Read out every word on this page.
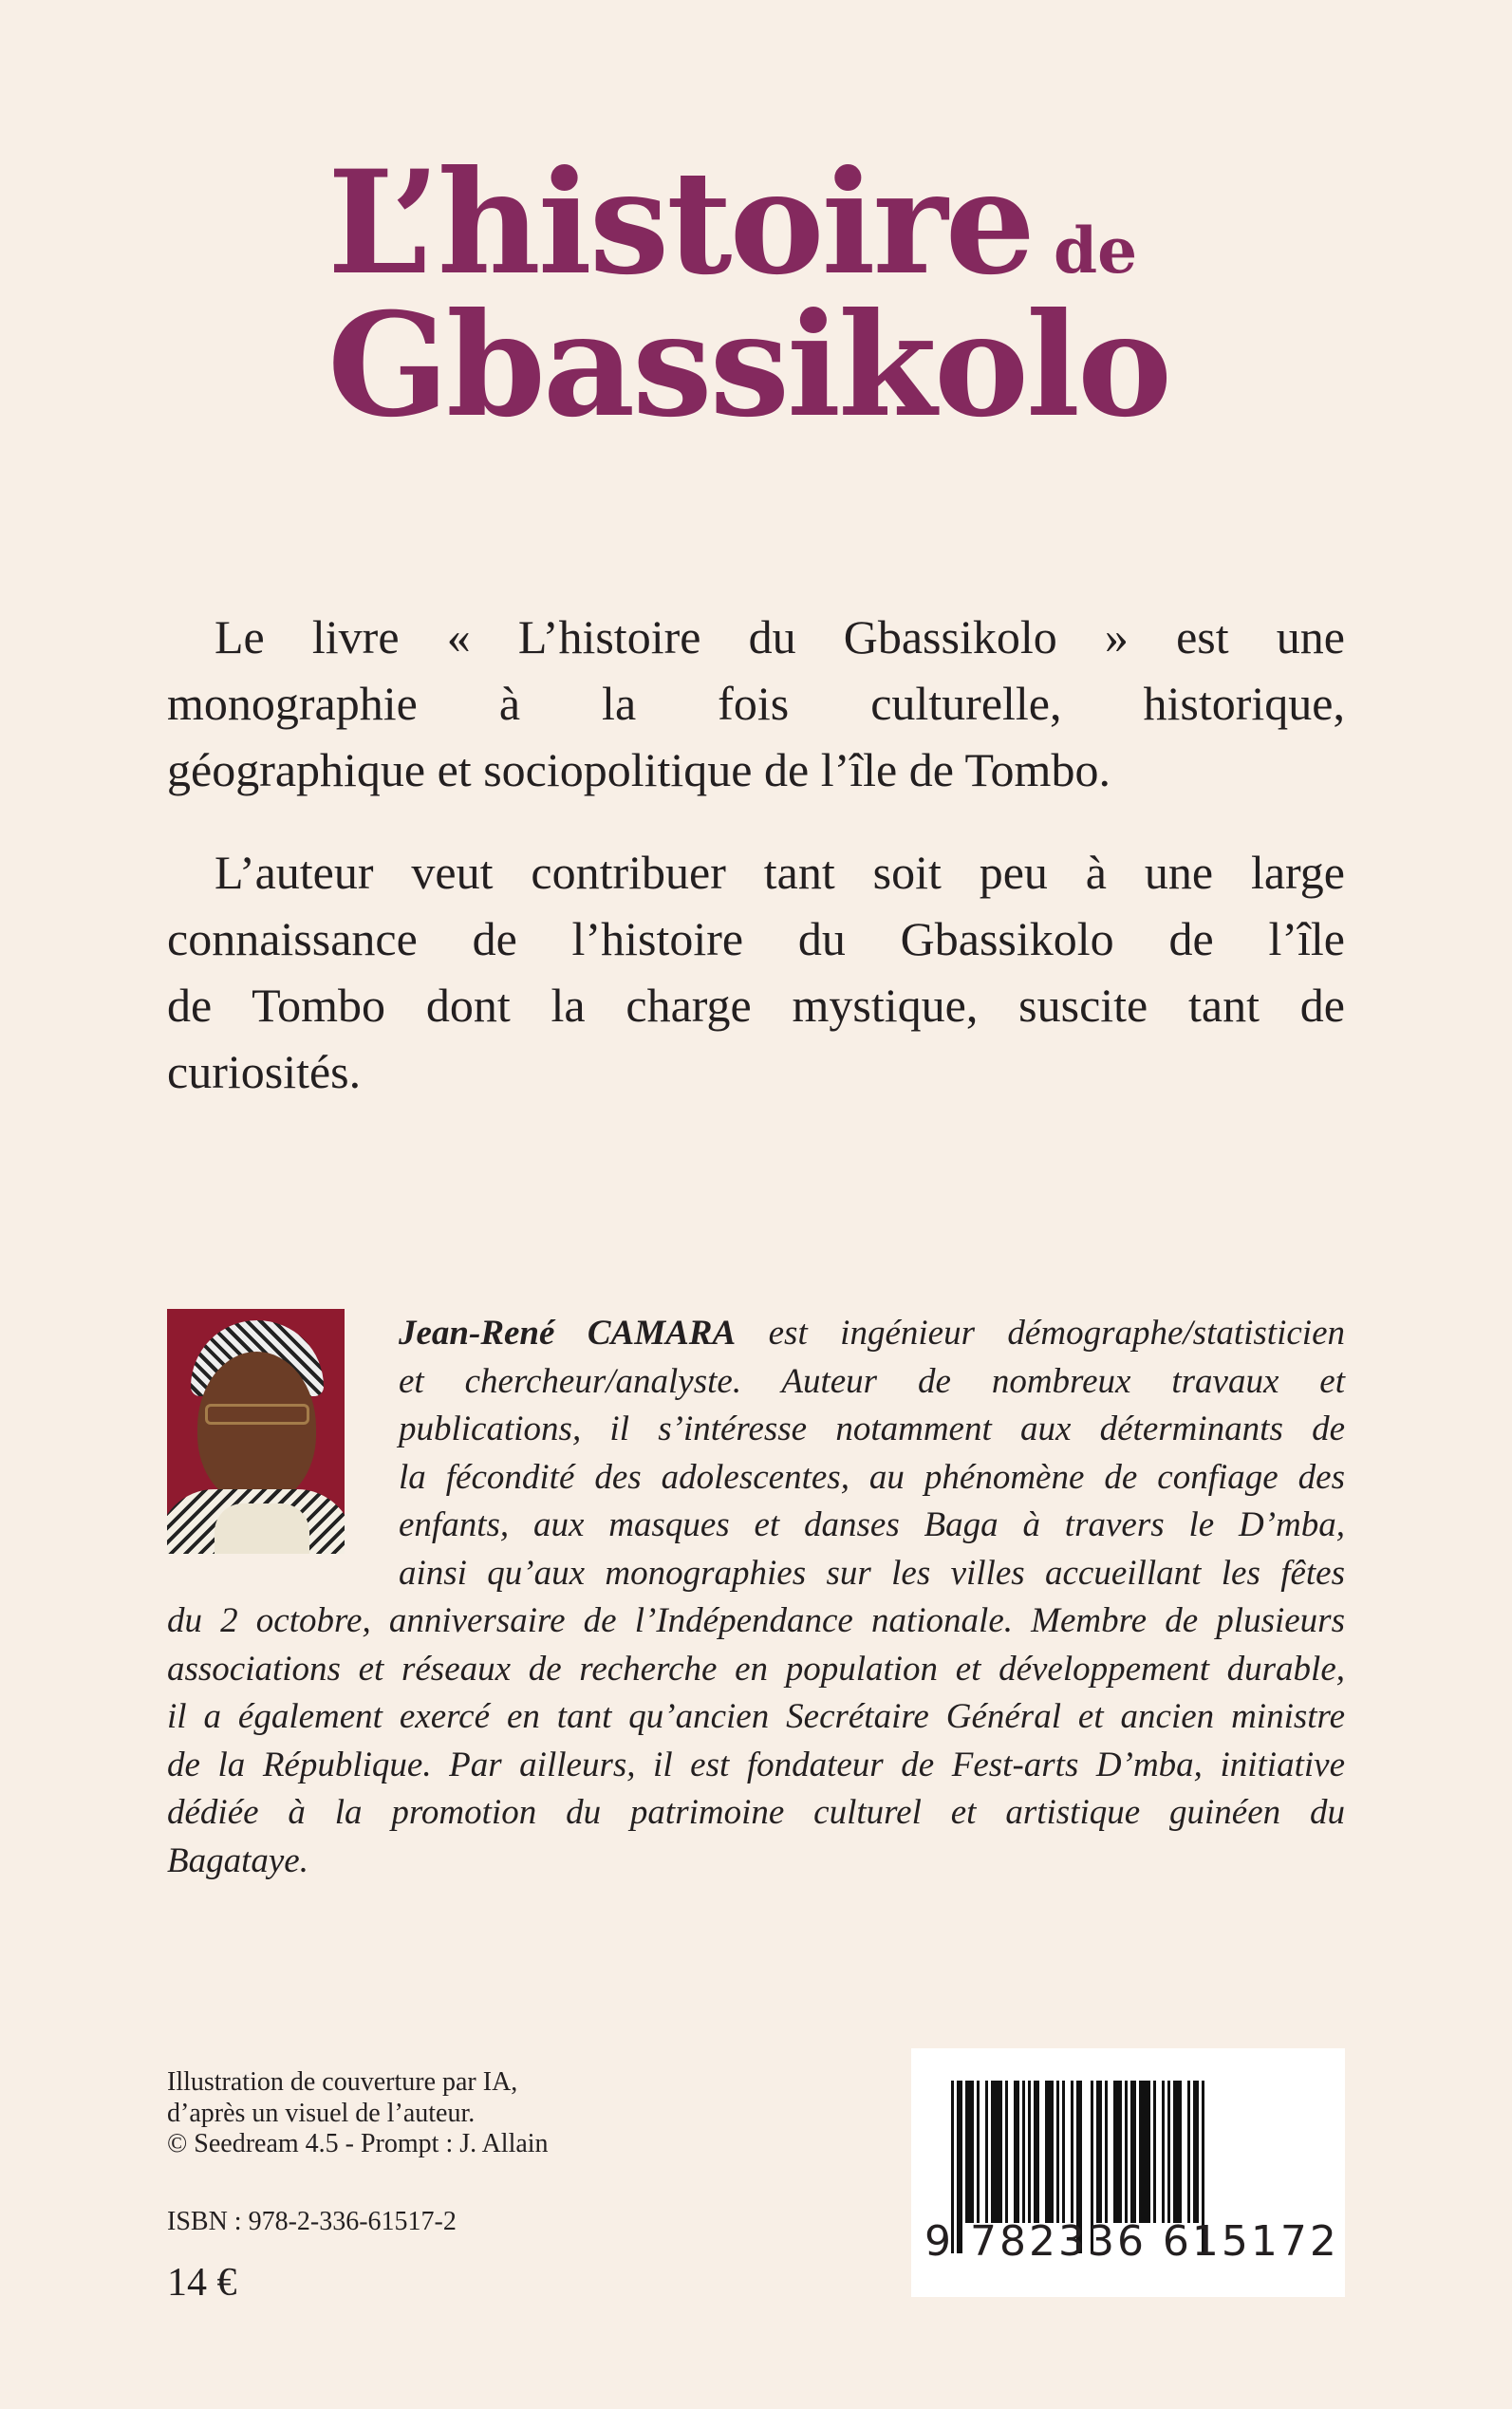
L’histoire de
Gbassikolo
Le livre « L’histoire du Gbassikolo » est une
monographie à la fois culturelle, historique,
géographique et sociopolitique de l’île de Tombo.
L’auteur veut contribuer tant soit peu à une large
connaissance de l’histoire du Gbassikolo de l’île
de Tombo dont la charge mystique, suscite tant de
curiosités.
Jean-René CAMARA est ingénieur démographe/statisticien
et chercheur/analyste. Auteur de nombreux travaux et
publications, il s’intéresse notamment aux déterminants de
la fécondité des adolescentes, au phénomène de confiage des
enfants, aux masques et danses Baga à travers le D’mba,
ainsi qu’aux monographies sur les villes accueillant les fêtes
du 2 octobre, anniversaire de l’Indépendance nationale. Membre de plusieurs
associations et réseaux de recherche en population et développement durable,
il a également exercé en tant qu’ancien Secrétaire Général et ancien ministre
de la République. Par ailleurs, il est fondateur de Fest-arts D’mba, initiative
dédiée à la promotion du patrimoine culturel et artistique guinéen du
Bagataye.
Illustration de couverture par IA,
d’après un visuel de l’auteur.
© Seedream 4.5 - Prompt : J. Allain
ISBN : 978-2-336-61517-2
14 €
9 782336 615172
